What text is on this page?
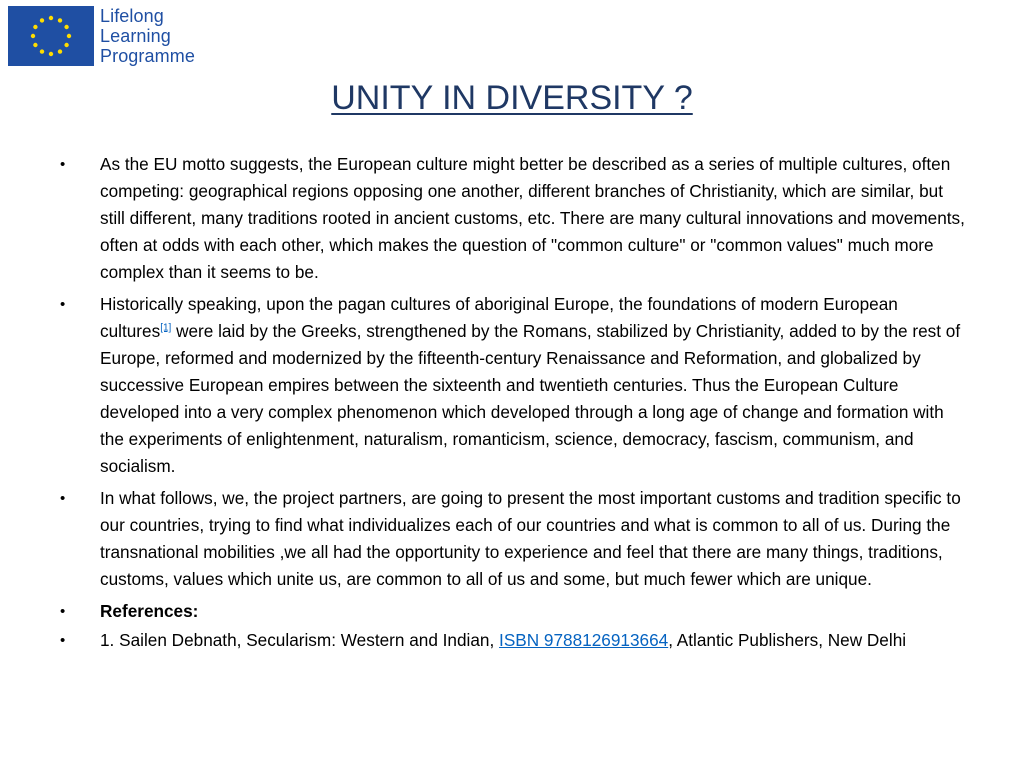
Lifelong
Learning
Programme
UNITY IN DIVERSITY ?
• As the EU motto suggests, the European culture might better be described as a series of multiple cultures, often competing: geographical regions opposing one another, different branches of Christianity, which are similar, but still different, many traditions rooted in ancient customs, etc. There are many cultural innovations and movements, often at odds with each other, which makes the question of "common culture" or "common values" much more complex than it seems to be.
• Historically speaking, upon the pagan cultures of aboriginal Europe, the foundations of modern European cultures[1] were laid by the Greeks, strengthened by the Romans, stabilized by Christianity, added to by the rest of Europe, reformed and modernized by the fifteenth-century Renaissance and Reformation, and globalized by successive European empires between the sixteenth and twentieth centuries. Thus the European Culture developed into a very complex phenomenon which developed through a long age of change and formation with the experiments of enlightenment, naturalism, romanticism, science, democracy, fascism, communism, and socialism.
• In what follows, we, the project partners, are going to present the most important customs and tradition specific to our countries, trying to find what individualizes each of our countries and what is common to all of us. During the transnational mobilities ,we all had the opportunity to experience and feel that there are many things, traditions, customs, values which unite us, are common to all of us and some, but much fewer which are unique.
• References:
• 1. Sailen Debnath, Secularism: Western and Indian, ISBN 9788126913664, Atlantic Publishers, New Delhi
